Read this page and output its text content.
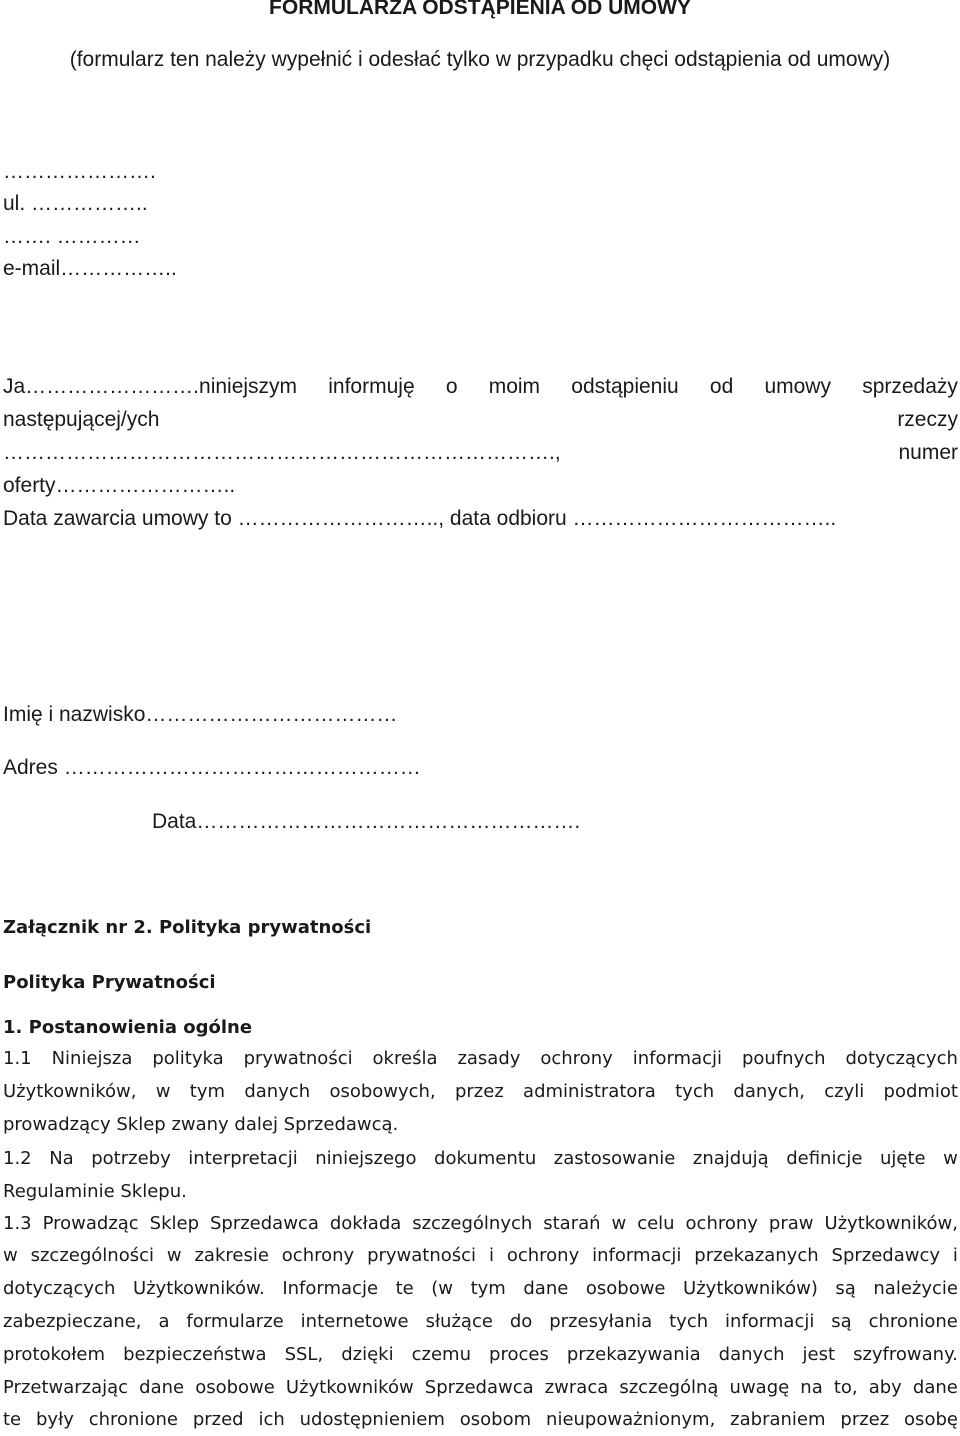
FORMULARZA ODSTĄPIENIA OD UMOWY
(formularz ten należy wypełnić i odesłać tylko w przypadku chęci odstąpienia od umowy)
………………….
ul. ……………..
……. …………
e-mail……………..
Ja…………………….niniejszym informuję o moim odstąpieniu od umowy sprzedaży
następującej/ych	rzeczy
…………………………………………………………………….,	numer
oferty……………………..
Data zawarcia umowy to ……………………….., data odbioru ………………………………..
Imię i nazwisko………………………………
Adres ……………………………………………
Data……………………………………………….
Załącznik nr 2. Polityka prywatności
Polityka Prywatności
1. Postanowienia ogólne
1.1 Niniejsza polityka prywatności określa zasady ochrony informacji poufnych dotyczących
Użytkowników, w tym danych osobowych, przez administratora tych danych, czyli podmiot
prowadzący Sklep zwany dalej Sprzedawcą.
1.2 Na potrzeby interpretacji niniejszego dokumentu zastosowanie znajdują definicje ujęte w
Regulaminie Sklepu.
1.3 Prowadząc Sklep Sprzedawca dokłada szczególnych starań w celu ochrony praw Użytkowników,
w szczególności w zakresie ochrony prywatności i ochrony informacji przekazanych Sprzedawcy i
dotyczących Użytkowników. Informacje te (w tym dane osobowe Użytkowników) są należycie
zabezpieczane, a formularze internetowe służące do przesyłania tych informacji są chronione
protokołem bezpieczeństwa SSL, dzięki czemu proces przekazywania danych jest szyfrowany.
Przetwarzając dane osobowe Użytkowników Sprzedawca zwraca szczególną uwagę na to, aby dane
te były chronione przed ich udostępnieniem osobom nieupoważnionym, zabraniem przez osobę
